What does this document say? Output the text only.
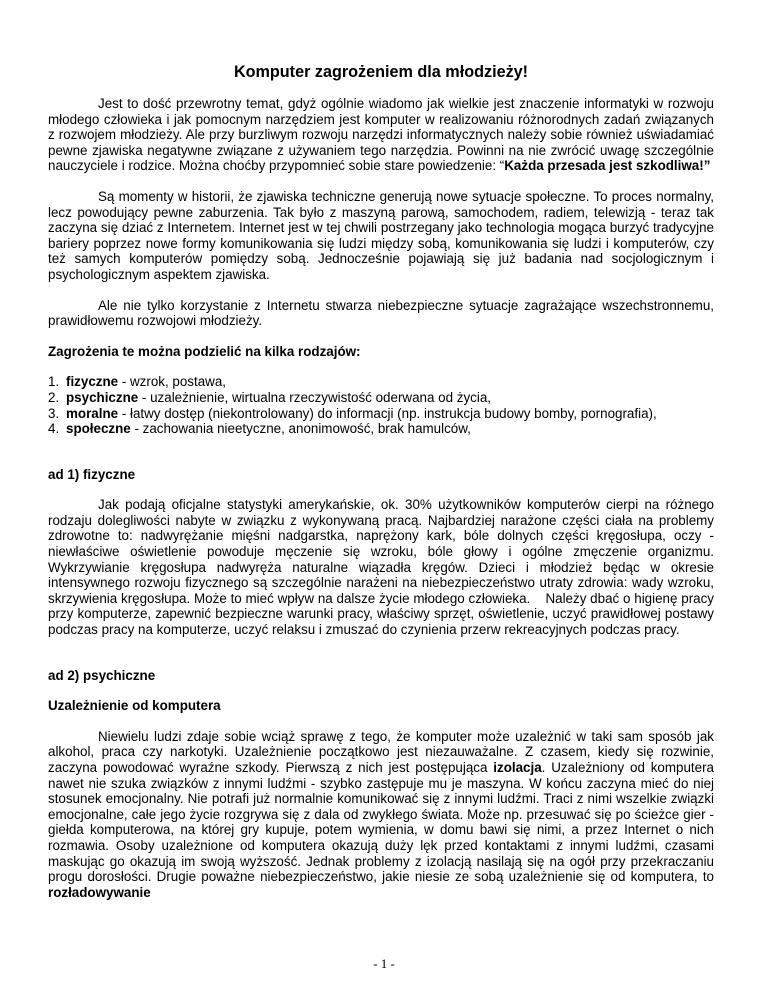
Komputer zagrożeniem dla młodzieży!

Jest to dość przewrotny temat, gdyż ogólnie wiadomo jak wielkie jest znaczenie informatyki w rozwoju młodego człowieka i jak pomocnym narzędziem jest komputer w realizowaniu różnorodnych zadań związanych z rozwojem młodzieży. Ale przy burzliwym rozwoju narzędzi informatycznych należy sobie również uświadamiać pewne zjawiska negatywne związane z używaniem tego narzędzia. Powinni na nie zwrócić uwagę szczególnie nauczyciele i rodzice. Można choćby przypomnieć sobie stare powiedzenie: “Każda przesada jest szkodliwa!”

Są momenty w historii, że zjawiska techniczne generują nowe sytuacje społeczne. To proces normalny, lecz powodujący pewne zaburzenia. Tak było z maszyną parową, samochodem, radiem, telewizją - teraz tak zaczyna się dziać z Internetem. Internet jest w tej chwili postrzegany jako technologia mogąca burzyć tradycyjne bariery poprzez nowe formy komunikowania się ludzi między sobą, komunikowania się ludzi i komputerów, czy też samych komputerów pomiędzy sobą. Jednocześnie pojawiają się już badania nad socjologicznym i psychologicznym aspektem zjawiska.

Ale nie tylko korzystanie z Internetu stwarza niebezpieczne sytuacje zagrażające wszechstronnemu, prawidłowemu rozwojowi młodzieży.

Zagrożenia te można podzielić na kilka rodzajów:

1. fizyczne - wzrok, postawa,
2. psychiczne - uzależnienie, wirtualna rzeczywistość oderwana od życia,
3. moralne - łatwy dostęp (niekontrolowany) do informacji (np. instrukcja budowy bomby, pornografia),
4. społeczne - zachowania nieetyczne, anonimowość, brak hamulców,

ad 1) fizyczne

Jak podają oficjalne statystyki amerykańskie, ok. 30% użytkowników komputerów cierpi na różnego rodzaju dolegliwości nabyte w związku z wykonywaną pracą. Najbardziej narażone części ciała na problemy zdrowotne to: nadwyrężanie mięśni nadgarstka, naprężony kark, bóle dolnych części kręgosłupa, oczy - niewłaściwe oświetlenie powoduje męczenie się wzroku, bóle głowy i ogólne zmęczenie organizmu. Wykrzywianie kręgosłupa nadwyręża naturalne wiązadła kręgów. Dzieci i młodzież będąc w okresie intensywnego rozwoju fizycznego są szczególnie narażeni na niebezpieczeństwo utraty zdrowia: wady wzroku, skrzywienia kręgosłupa. Może to mieć wpływ na dalsze życie młodego człowieka.    Należy dbać o higienę pracy przy komputerze, zapewnić bezpieczne warunki pracy, właściwy sprzęt, oświetlenie, uczyć prawidłowej postawy podczas pracy na komputerze, uczyć relaksu i zmuszać do czynienia przerw rekreacyjnych podczas pracy.

ad 2) psychiczne

Uzależnienie od komputera

Niewielu ludzi zdaje sobie wciąż sprawę z tego, że komputer może uzależnić w taki sam sposób jak alkohol, praca czy narkotyki. Uzależnienie początkowo jest niezauważalne. Z czasem, kiedy się rozwinie, zaczyna powodować wyraźne szkody. Pierwszą z nich jest postępująca izolacja. Uzależniony od komputera nawet nie szuka związków z innymi ludźmi - szybko zastępuje mu je maszyna. W końcu zaczyna mieć do niej stosunek emocjonalny. Nie potrafi już normalnie komunikować się z innymi ludźmi. Traci z nimi wszelkie związki emocjonalne, całe jego życie rozgrywa się z dala od zwykłego świata. Może np. przesuwać się po ścieżce gier - giełda komputerowa, na której gry kupuje, potem wymienia, w domu bawi się nimi, a przez Internet o nich rozmawia. Osoby uzależnione od komputera okazują duży lęk przed kontaktami z innymi ludźmi, czasami maskując go okazują im swoją wyższość. Jednak problemy z izolacją nasilają się na ogół przy przekraczaniu progu dorosłości. Drugie poważne niebezpieczeństwo, jakie niesie ze sobą uzależnienie się od komputera, to rozładowywanie

- 1 -
